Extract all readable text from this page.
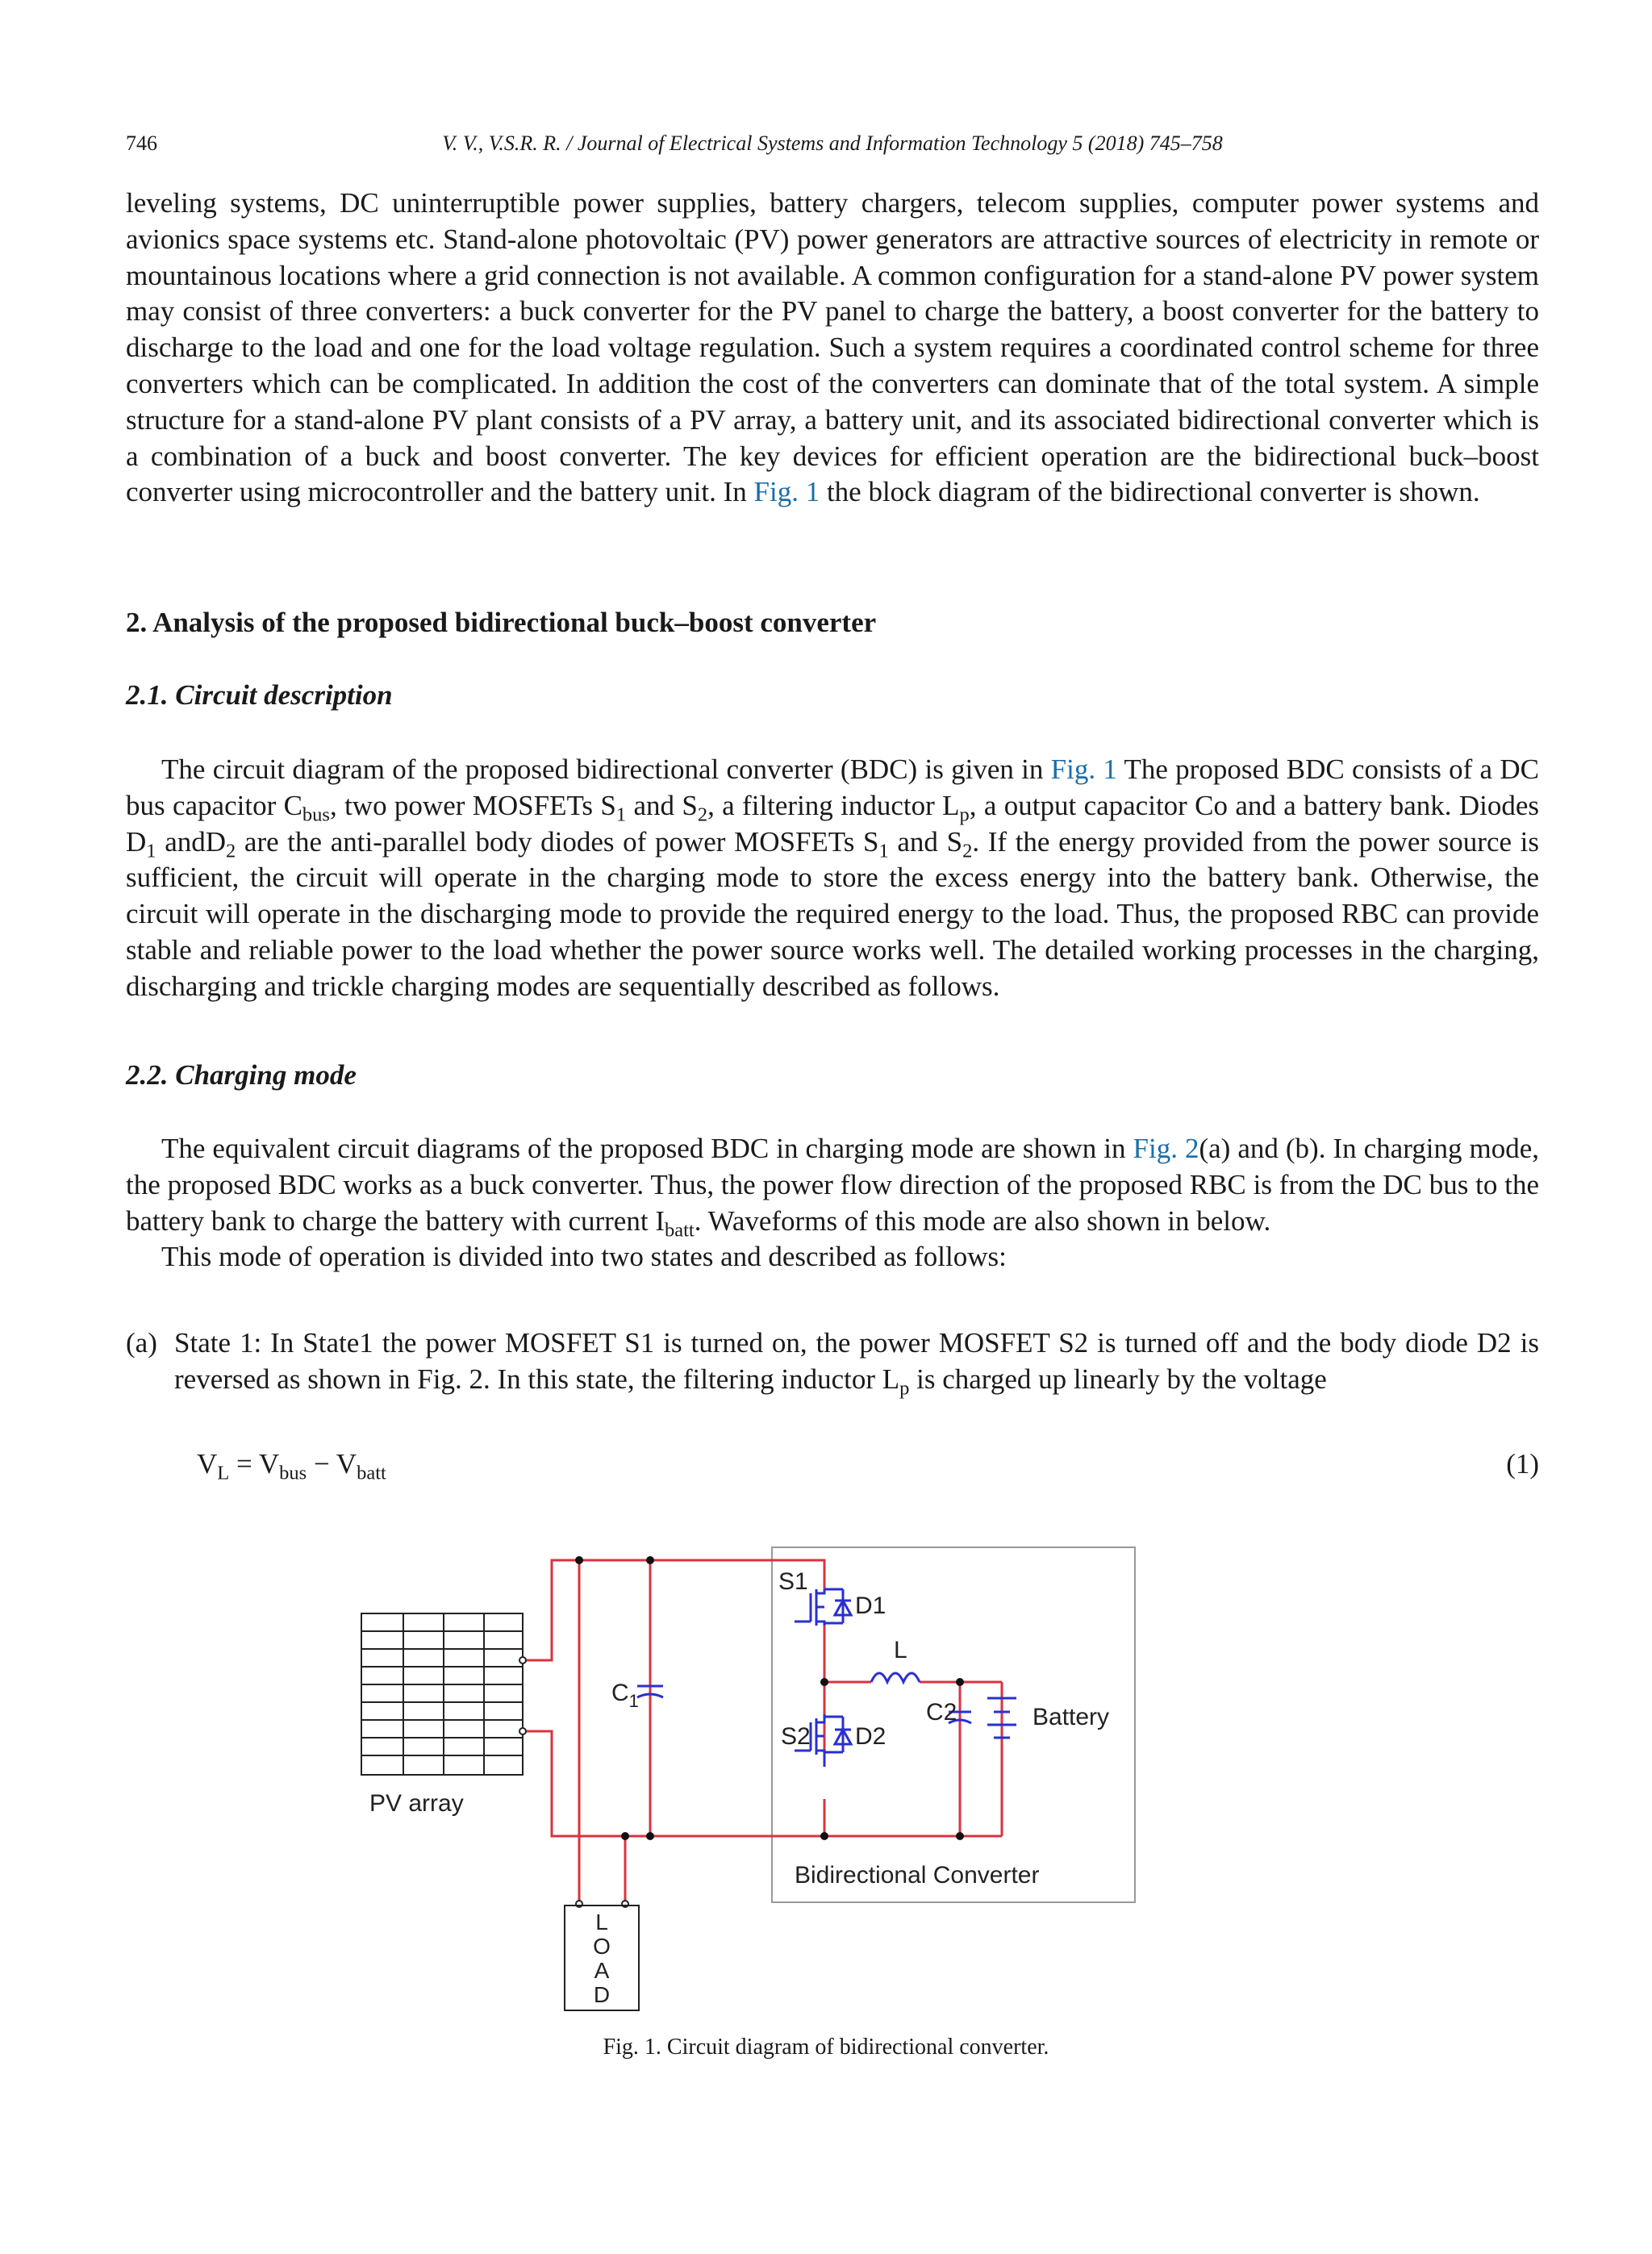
746	V. V., V.S.R. R. / Journal of Electrical Systems and Information Technology 5 (2018) 745–758

leveling systems, DC uninterruptible power supplies, battery chargers, telecom supplies, computer power systems and avionics space systems etc. Stand-alone photovoltaic (PV) power generators are attractive sources of electricity in remote or mountainous locations where a grid connection is not available. A common configuration for a stand-alone PV power system may consist of three converters: a buck converter for the PV panel to charge the battery, a boost converter for the battery to discharge to the load and one for the load voltage regulation. Such a system requires a coordinated control scheme for three converters which can be complicated. In addition the cost of the converters can dominate that of the total system. A simple structure for a stand-alone PV plant consists of a PV array, a battery unit, and its associated bidirectional converter which is a combination of a buck and boost converter. The key devices for efficient operation are the bidirectional buck–boost converter using microcontroller and the battery unit. In Fig. 1 the block diagram of the bidirectional converter is shown.

2. Analysis of the proposed bidirectional buck–boost converter
2.1. Circuit description

The circuit diagram of the proposed bidirectional converter (BDC) is given in Fig. 1 The proposed BDC consists of a DC bus capacitor $C_{bus}$, two power MOSFETs $S_1$ and $S_2$, a filtering inductor $L_p$, a output capacitor Co and a battery bank. Diodes $D_1$ andD$_2$ are the anti-parallel body diodes of power MOSFETs $S_1$ and $S_2$. If the energy provided from the power source is sufficient, the circuit will operate in the charging mode to store the excess energy into the battery bank. Otherwise, the circuit will operate in the discharging mode to provide the required energy to the load. Thus, the proposed RBC can provide stable and reliable power to the load whether the power source works well. The detailed working processes in the charging, discharging and trickle charging modes are sequentially described as follows.

2.2. Charging mode

The equivalent circuit diagrams of the proposed BDC in charging mode are shown in Fig. 2(a) and (b). In charging mode, the proposed BDC works as a buck converter. Thus, the power flow direction of the proposed RBC is from the DC bus to the battery bank to charge the battery with current $I_{batt}$. Waveforms of this mode are also shown in below.

This mode of operation is divided into two states and described as follows:

(a) State 1: In State1 the power MOSFET S1 is turned on, the power MOSFET S2 is turned off and the body diode D2 is reversed as shown in Fig. 2. In this state, the filtering inductor $L_p$ is charged up linearly by the voltage
$V_L = V_{bus} - V_{batt}$	(1)
PV array
$C_1$
S1
D1
L
S2 D2
C2	Battery
Bidirectional Converter
L
O
A
D
Fig. 1. Circuit diagram of bidirectional converter.
